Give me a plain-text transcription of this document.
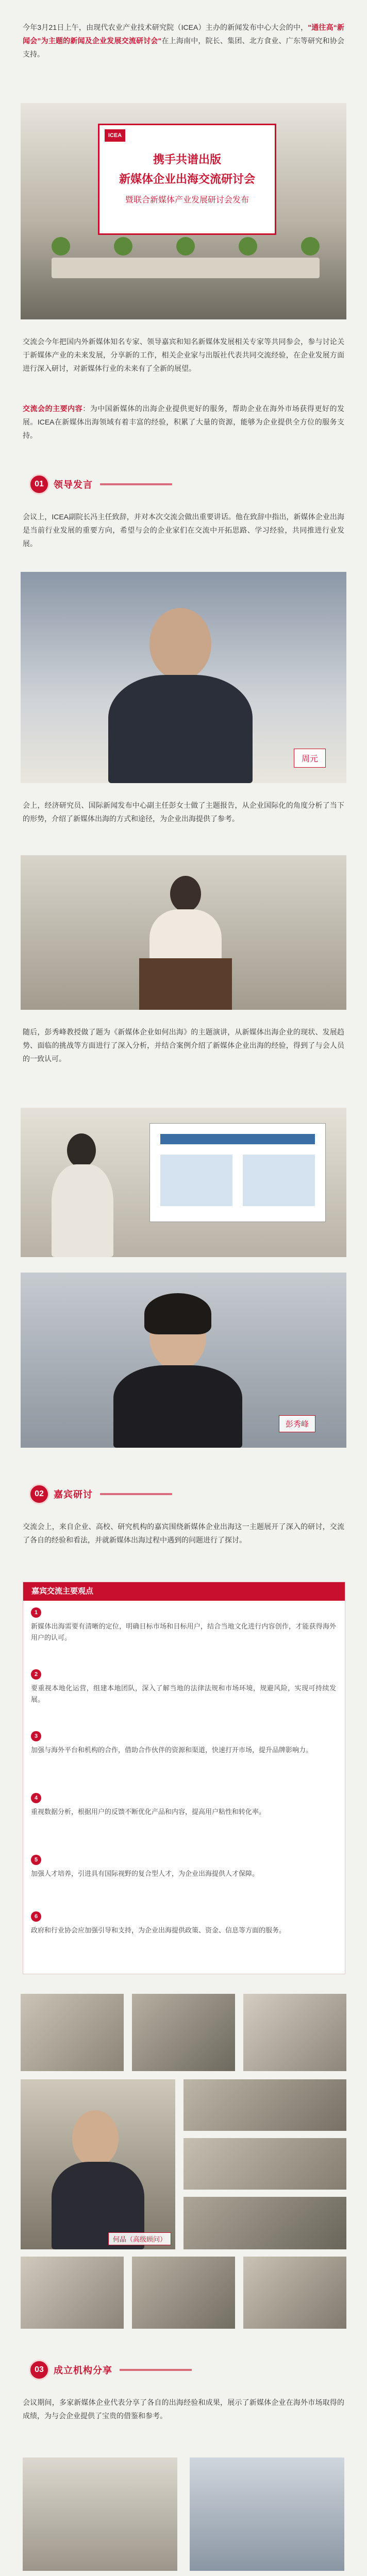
今年3月21日上午，由现代农业产业技术研究院（ICEA）主办的新闻发布中心大会的中，"通往高“新闻会”为主题的新闻及企业发展交流研讨会"在上海南中，院长、集团、北方食业、广东等研究和协会支持。

ICEA
携手共谱出版
新媒体企业出海交流研讨会
暨联合新媒体产业发展研讨会发布

交流会今年把国内外新媒体知名专家、领导嘉宾和知名新媒体发展相关专家等共同参会，参与讨论关于新媒体产业的未来发展，分享新的工作，相关企业家与出版社代表共同交流经验，在企业发展方面进行深入研讨，对新媒体行业的未来有了全新的展望。

交流会的主要内容：为中国新媒体的出海企业提供更好的服务，帮助企业在海外市场获得更好的发展。ICEA在新媒体出海领域有着丰富的经验，积累了大量的资源，能够为企业提供全方位的服务支持。

01	领导发言

会议上，ICEA副院长冯主任致辞，并对本次交流会做出重要讲话。他在致辞中指出，新媒体企业出海是当前行业发展的重要方向，希望与会的企业家们在交流中开拓思路、学习经验，共同推进行业发展。

周元

会上，经济研究员、国际新闻发布中心副主任彭女士做了主题报告，从企业国际化的角度分析了当下的形势，介绍了新媒体出海的方式和途径，为企业出海提供了参考。

随后，彭秀峰教授做了题为《新媒体企业如何出海》的主题演讲，从新媒体出海企业的现状、发展趋势、面临的挑战等方面进行了深入分析，并结合案例介绍了新媒体企业出海的经验，得到了与会人员的一致认可。

彭秀峰
02	嘉宾研讨

交流会上，来自企业、高校、研究机构的嘉宾围绕新媒体企业出海这一主题展开了深入的研讨，交流了各自的经验和看法，并就新媒体出海过程中遇到的问题进行了探讨。

嘉宾交流主要观点
1
新媒体出海需要有清晰的定位，明确目标市场和目标用户，结合当地文化进行内容创作，才能获得海外用户的认可。
2
要重视本地化运营，组建本地团队，深入了解当地的法律法规和市场环境，规避风险，实现可持续发展。
3
加强与海外平台和机构的合作，借助合作伙伴的资源和渠道，快速打开市场，提升品牌影响力。
4
重视数据分析，根据用户的反馈不断优化产品和内容，提高用户粘性和转化率。
5
加强人才培养，引进具有国际视野的复合型人才，为企业出海提供人才保障。
6
政府和行业协会应加强引导和支持，为企业出海提供政策、资金、信息等方面的服务。
何晶（高级顾问）
03	成立机构分享

会议期间，多家新媒体企业代表分享了各自的出海经验和成果，展示了新媒体企业在海外市场取得的成绩，为与会企业提供了宝贵的借鉴和参考。
